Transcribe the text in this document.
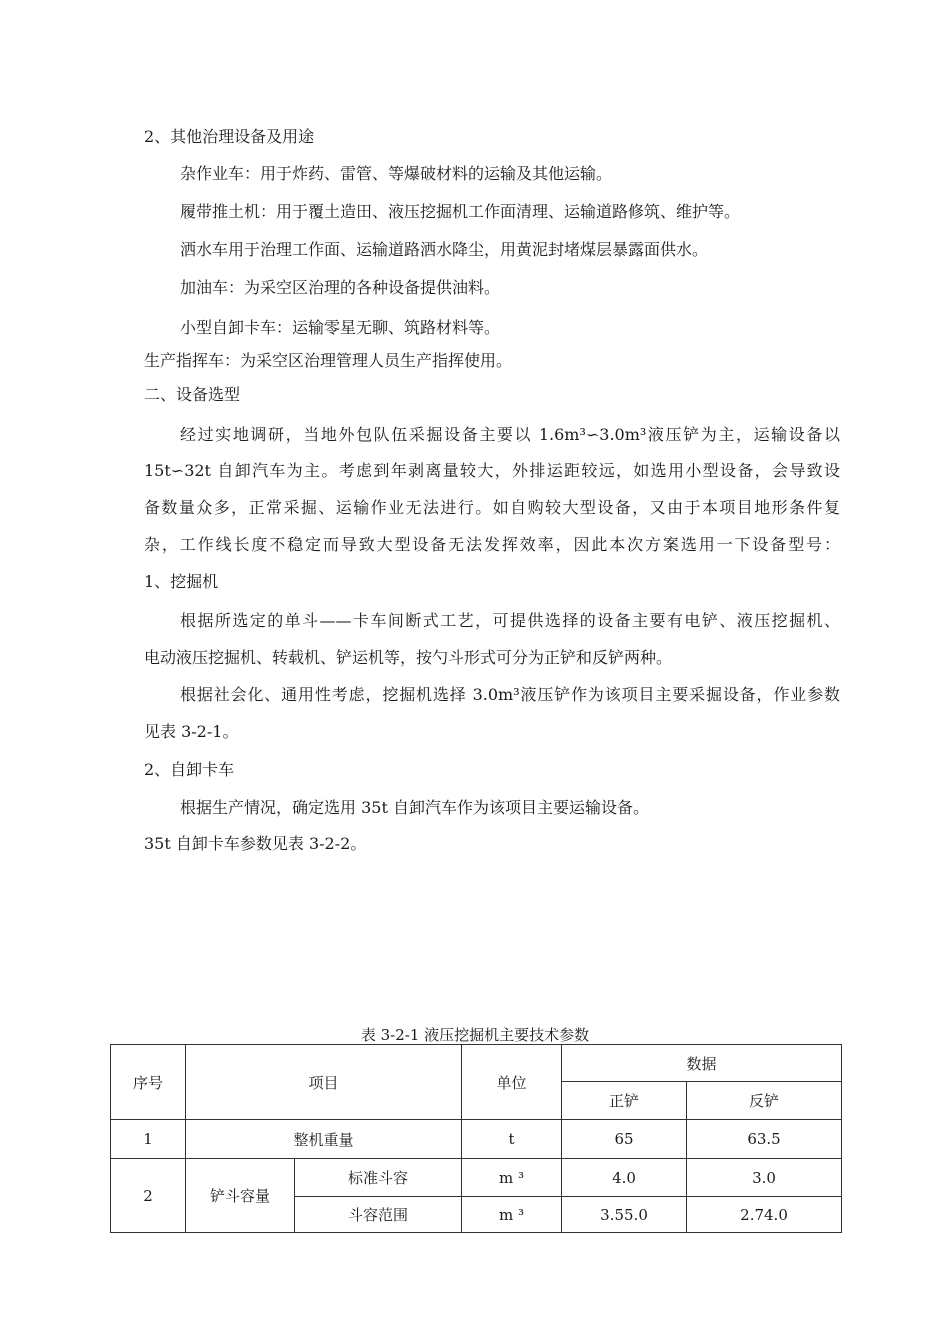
2、其他治理设备及用途
杂作业车：用于炸药、雷管、等爆破材料的运输及其他运输。
履带推土机：用于覆土造田、液压挖掘机工作面清理、运输道路修筑、维护等。
洒水车用于治理工作面、运输道路洒水降尘，用黄泥封堵煤层暴露面供水。
加油车：为采空区治理的各种设备提供油料。
小型自卸卡车：运输零星无聊、筑路材料等。
生产指挥车：为采空区治理管理人员生产指挥使用。
二、设备选型
经过实地调研，当地外包队伍采掘设备主要以 1.6m³∽3.0m³液压铲为主，运输设备以
15t∽32t 自卸汽车为主。考虑到年剥离量较大，外排运距较远，如选用小型设备，会导致设
备数量众多，正常采掘、运输作业无法进行。如自购较大型设备，又由于本项目地形条件复
杂，工作线长度不稳定而导致大型设备无法发挥效率，因此本次方案选用一下设备型号：
1、挖掘机
根据所选定的单斗——卡车间断式工艺，可提供选择的设备主要有电铲、液压挖掘机、
电动液压挖掘机、转载机、铲运机等，按勺斗形式可分为正铲和反铲两种。
根据社会化、通用性考虑，挖掘机选择 3.0m³液压铲作为该项目主要采掘设备，作业参数
见表 3-2-1。
2、自卸卡车
根据生产情况，确定选用 35t 自卸汽车作为该项目主要运输设备。
35t 自卸卡车参数见表 3-2-2。
表 3-2-1 液压挖掘机主要技术参数
序号	项目		单位	数据	
				正铲	反铲
1	整机重量		t	65	63.5
2	铲斗容量	标准斗容	m ³	4.0	3.0
		斗容范围	m ³	3.55.0	2.74.0
